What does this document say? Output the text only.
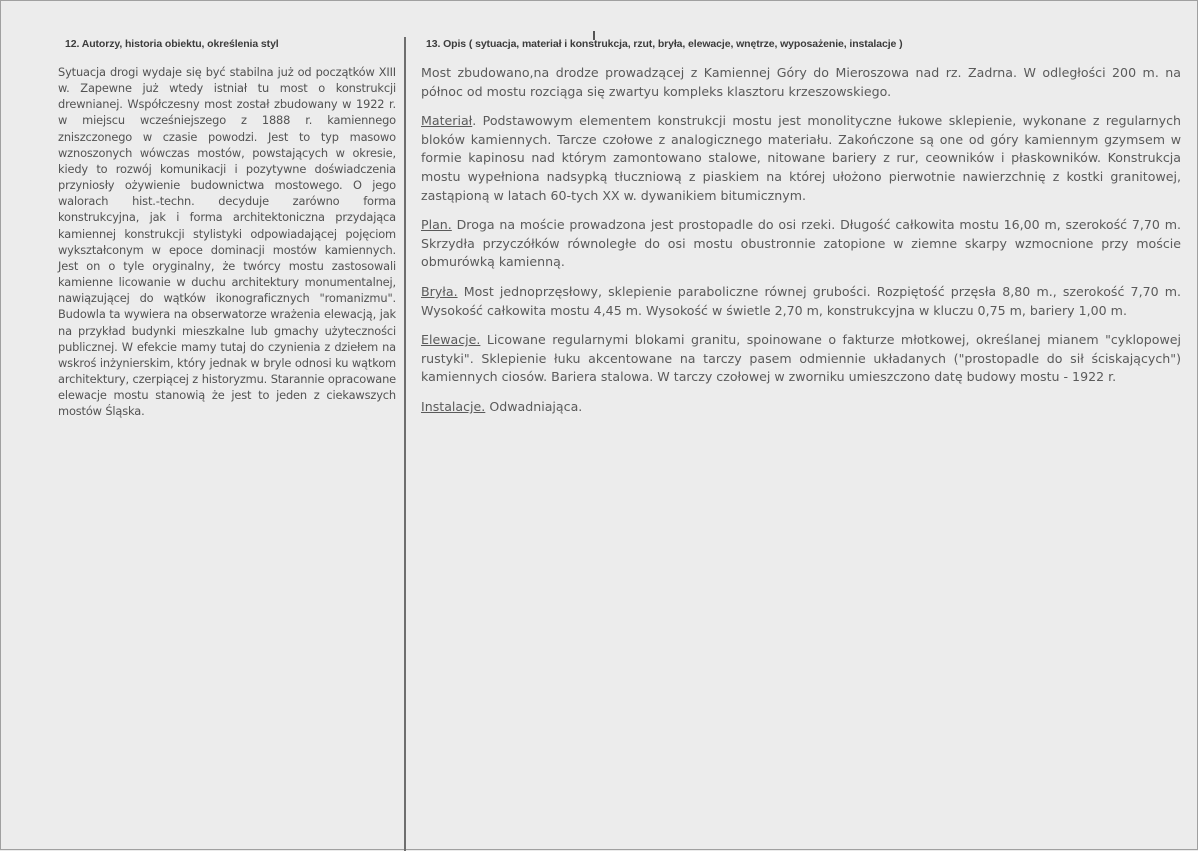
12. Autorzy, historia obiektu, określenia styl

Sytuacja drogi wydaje się być stabilna już od początków XIII w. Zapewne już wtedy istniał tu most o konstrukcji drewnianej. Współczesny most został zbudowany w 1922 r. w miejscu wcześniejszego z 1888 r. kamiennego zniszczonego w czasie powodzi. Jest to typ masowo wznoszonych wówczas mostów, powstających w okresie, kiedy to rozwój komunikacji i pozytywne doświadczenia przyniosły ożywienie budownictwa mostowego. O jego walorach hist.-techn. decyduje zarówno forma konstrukcyjna, jak i forma architektoniczna przydająca kamiennej konstrukcji stylistyki odpowiadającej pojęciom wykształconym w epoce dominacji mostów kamiennych. Jest on o tyle oryginalny, że twórcy mostu zastosowali kamienne licowanie w duchu architektury monumentalnej, nawiązującej do wątków ikonograficznych "romanizmu". Budowla ta wywiera na obserwatorze wrażenia elewacją, jak na przykład budynki mieszkalne lub gmachy użyteczności publicznej. W efekcie mamy tutaj do czynienia z dziełem na wskroś inżynierskim, który jednak w bryle odnosi ku wątkom architektury, czerpiącej z historyzmu. Starannie opracowane elewacje mostu stanowią że jest to jeden z ciekawszych mostów Śląska.

13. Opis ( sytuacja, materiał i konstrukcja, rzut, bryła, elewacje, wnętrze, wyposażenie, instalacje )

Most zbudowano,na drodze prowadzącej z Kamiennej Góry do Mieroszowa nad rz. Zadrna. W odległości 200 m. na północ od mostu rozciąga się zwartyu kompleks klasztoru krzeszowskiego.

Materiał. Podstawowym elementem konstrukcji mostu jest monolityczne łukowe sklepienie, wykonane z regularnych bloków kamiennych. Tarcze czołowe z analogicznego materiału. Zakończone są one od góry kamiennym gzymsem w formie kapinosu nad którym zamontowano stalowe, nitowane bariery z rur, ceowników i płaskowników. Konstrukcja mostu wypełniona nadsypką tłuczniową z piaskiem na której ułożono pierwotnie nawierzchnię z kostki granitowej, zastąpioną w latach 60-tych XX w. dywanikiem bitumicznym.

Plan. Droga na moście prowadzona jest prostopadle do osi rzeki. Długość całkowita mostu 16,00 m, szerokość 7,70 m. Skrzydła przyczółków równoległe do osi mostu obustronnie zatopione w ziemne skarpy wzmocnione przy moście obmurówką kamienną.

Bryła. Most jednoprzęsłowy, sklepienie paraboliczne równej grubości. Rozpiętość przęsła 8,80 m., szerokość 7,70 m. Wysokość całkowita mostu 4,45 m. Wysokość w świetle 2,70 m, konstrukcyjna w kluczu 0,75 m, bariery 1,00 m.

Elewacje. Licowane regularnymi blokami granitu, spoinowane o fakturze młotkowej, określanej mianem "cyklopowej rustyki". Sklepienie łuku akcentowane na tarczy pasem odmiennie układanych ("prostopadle do sił ściskających") kamiennych ciosów. Bariera stalowa. W tarczy czołowej w zworniku umieszczono datę budowy mostu - 1922 r.

Instalacje. Odwadniająca.
